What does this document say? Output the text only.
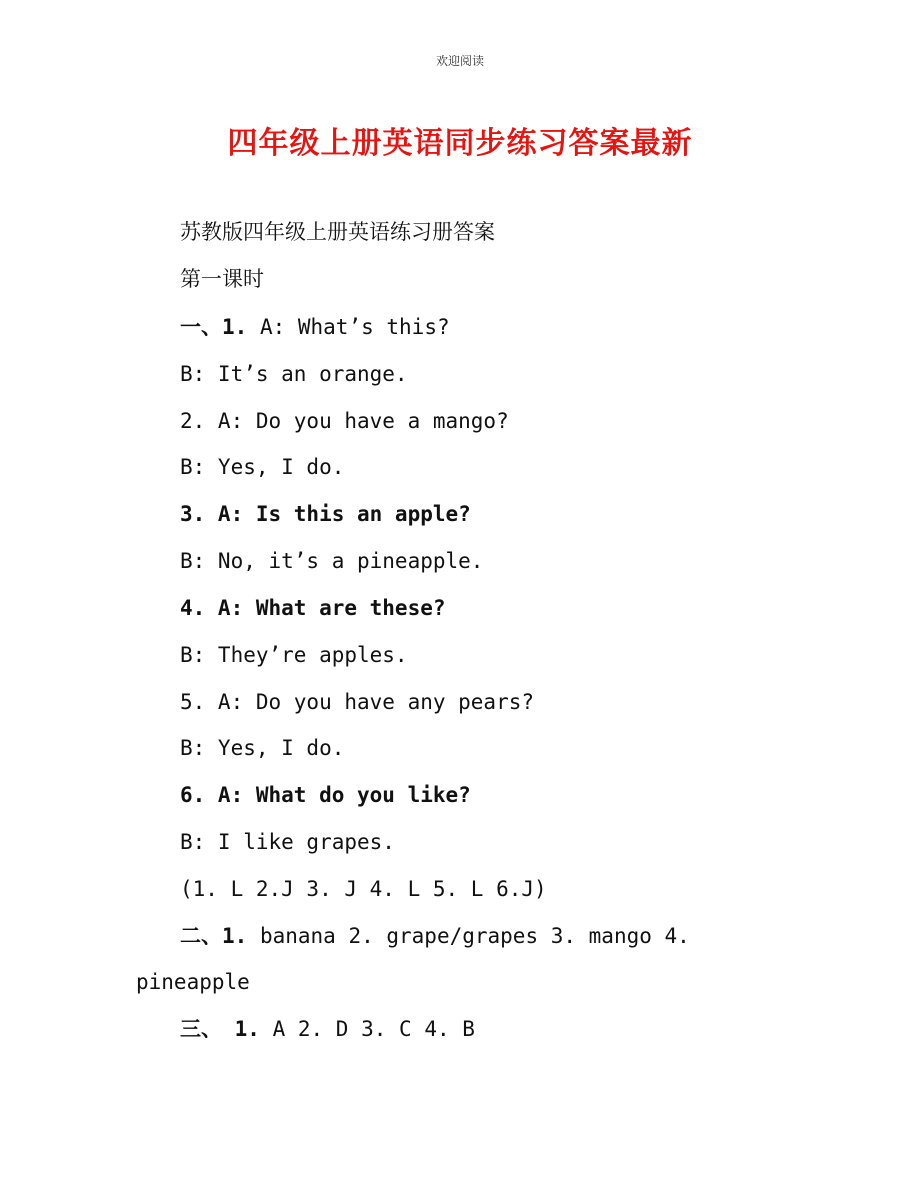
欢迎阅读
四年级上册英语同步练习答案最新
苏教版四年级上册英语练习册答案
第一课时
一、1. A: What’s this?
B: It’s an orange.
2. A: Do you have a mango?
B: Yes, I do.
3. A: Is this an apple?
B: No, it’s a pineapple.
4. A: What are these?
B: They’re apples.
5. A: Do you have any pears?
B: Yes, I do.
6. A: What do you like?
B: I like grapes.
(1. L 2.J 3. J 4. L 5. L 6.J)
二、1. banana 2. grape/grapes 3. mango 4.
pineapple
三、 1. A 2. D 3. C 4. B
